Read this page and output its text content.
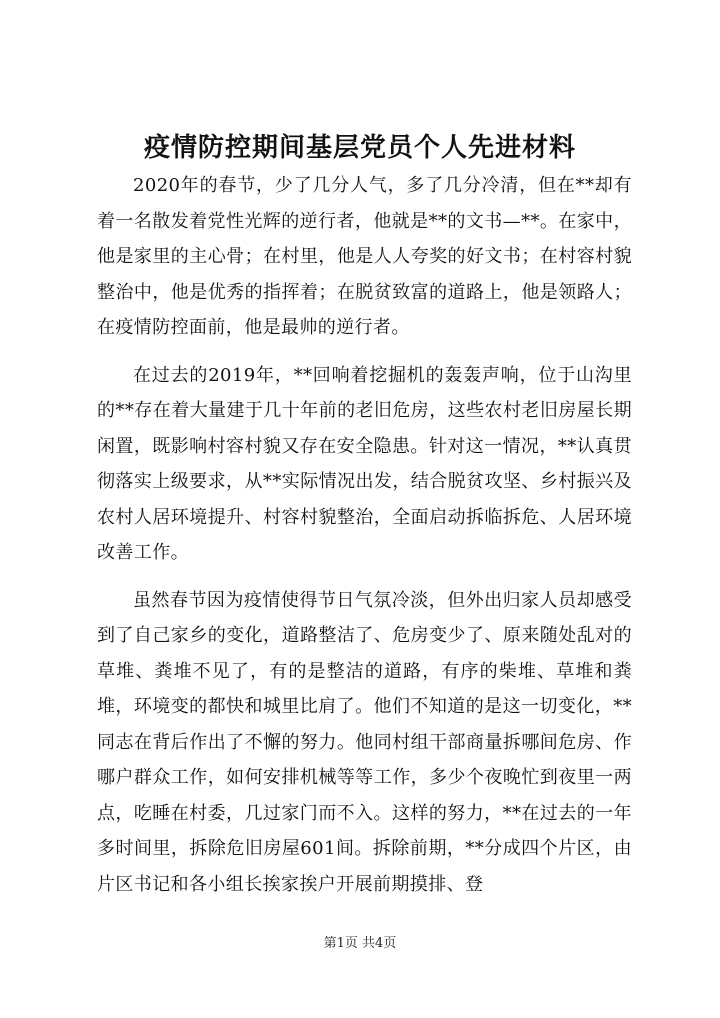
疫情防控期间基层党员个人先进材料

2020年的春节，少了几分人气，多了几分冷清，但在**却有着一名散发着党性光辉的逆行者，他就是**的文书—**。在家中，他是家里的主心骨；在村里，他是人人夸奖的好文书；在村容村貌整治中，他是优秀的指挥着；在脱贫致富的道路上，他是领路人；在疫情防控面前，他是最帅的逆行者。

在过去的2019年，**回响着挖掘机的轰轰声响，位于山沟里的**存在着大量建于几十年前的老旧危房，这些农村老旧房屋长期闲置，既影响村容村貌又存在安全隐患。针对这一情况，**认真贯彻落实上级要求，从**实际情况出发，结合脱贫攻坚、乡村振兴及农村人居环境提升、村容村貌整治，全面启动拆临拆危、人居环境改善工作。

虽然春节因为疫情使得节日气氛冷淡，但外出归家人员却感受到了自己家乡的变化，道路整洁了、危房变少了、原来随处乱对的草堆、粪堆不见了，有的是整洁的道路，有序的柴堆、草堆和粪堆，环境变的都快和城里比肩了。他们不知道的是这一切变化，**同志在背后作出了不懈的努力。他同村组干部商量拆哪间危房、作哪户群众工作，如何安排机械等等工作，多少个夜晚忙到夜里一两点，吃睡在村委，几过家门而不入。这样的努力，**在过去的一年多时间里，拆除危旧房屋601间。拆除前期，**分成四个片区，由片区书记和各小组长挨家挨户开展前期摸排、登

第1页 共4页
